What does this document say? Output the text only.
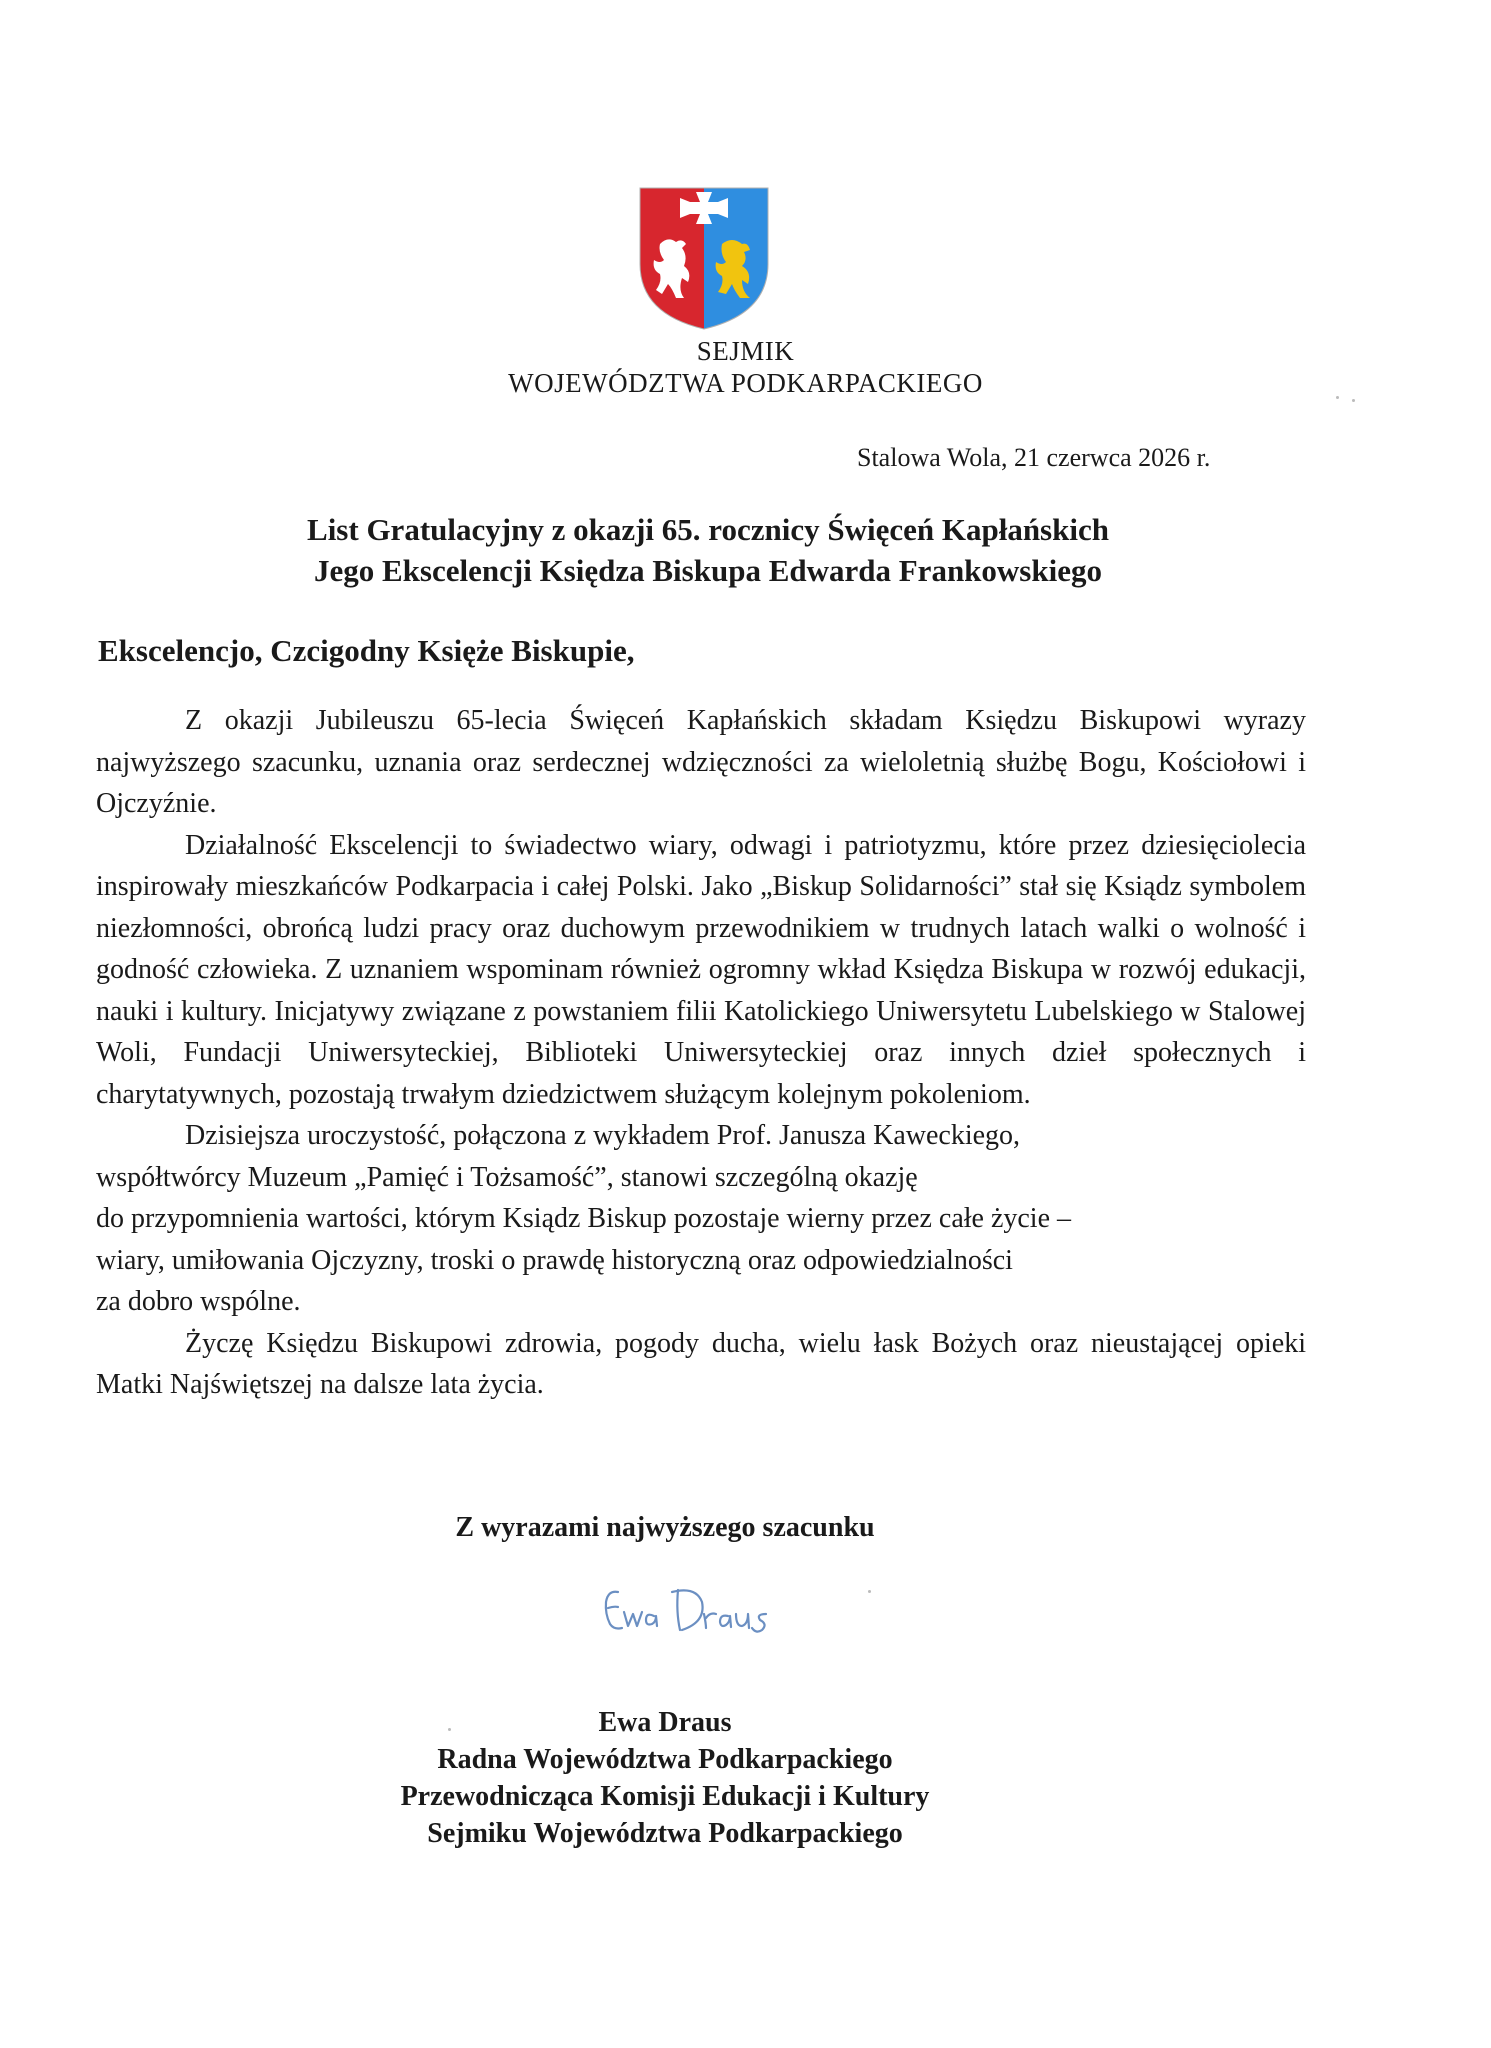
SEJMIK
WOJEWÓDZTWA PODKARPACKIEGO
Stalowa Wola, 21 czerwca 2026 r.
List Gratulacyjny z okazji 65. rocznicy Święceń Kapłańskich
Jego Ekscelencji Księdza Biskupa Edwarda Frankowskiego
Ekscelencjo, Czcigodny Księże Biskupie,

Z okazji Jubileuszu 65-lecia Święceń Kapłańskich składam Księdzu Biskupowi wyrazy najwyższego szacunku, uznania oraz serdecznej wdzięczności za wieloletnią służbę Bogu, Kościołowi i Ojczyźnie.

Działalność Ekscelencji to świadectwo wiary, odwagi i patriotyzmu, które przez dziesięciolecia inspirowały mieszkańców Podkarpacia i całej Polski. Jako „Biskup Solidarności” stał się Ksiądz symbolem niezłomności, obrońcą ludzi pracy oraz duchowym przewodnikiem w trudnych latach walki o wolność i godność człowieka. Z uznaniem wspominam również ogromny wkład Księdza Biskupa w rozwój edukacji, nauki i kultury. Inicjatywy związane z powstaniem filii Katolickiego Uniwersytetu Lubelskiego w Stalowej Woli, Fundacji Uniwersyteckiej, Biblioteki Uniwersyteckiej oraz innych dzieł społecznych i charytatywnych, pozostają trwałym dziedzictwem służącym kolejnym pokoleniom.

Dzisiejsza uroczystość, połączona z wykładem Prof. Janusza Kaweckiego,

współtwórcy Muzeum „Pamięć i Tożsamość”, stanowi szczególną okazję
do przypomnienia wartości, którym Ksiądz Biskup pozostaje wierny przez całe życie –
wiary, umiłowania Ojczyzny, troski o prawdę historyczną oraz odpowiedzialności
za dobro wspólne.

Życzę Księdzu Biskupowi zdrowia, pogody ducha, wielu łask Bożych oraz nieustającej opieki Matki Najświętszej na dalsze lata życia.

Z wyrazami najwyższego szacunku
Ewa Draus
Radna Województwa Podkarpackiego
Przewodnicząca Komisji Edukacji i Kultury
Sejmiku Województwa Podkarpackiego
